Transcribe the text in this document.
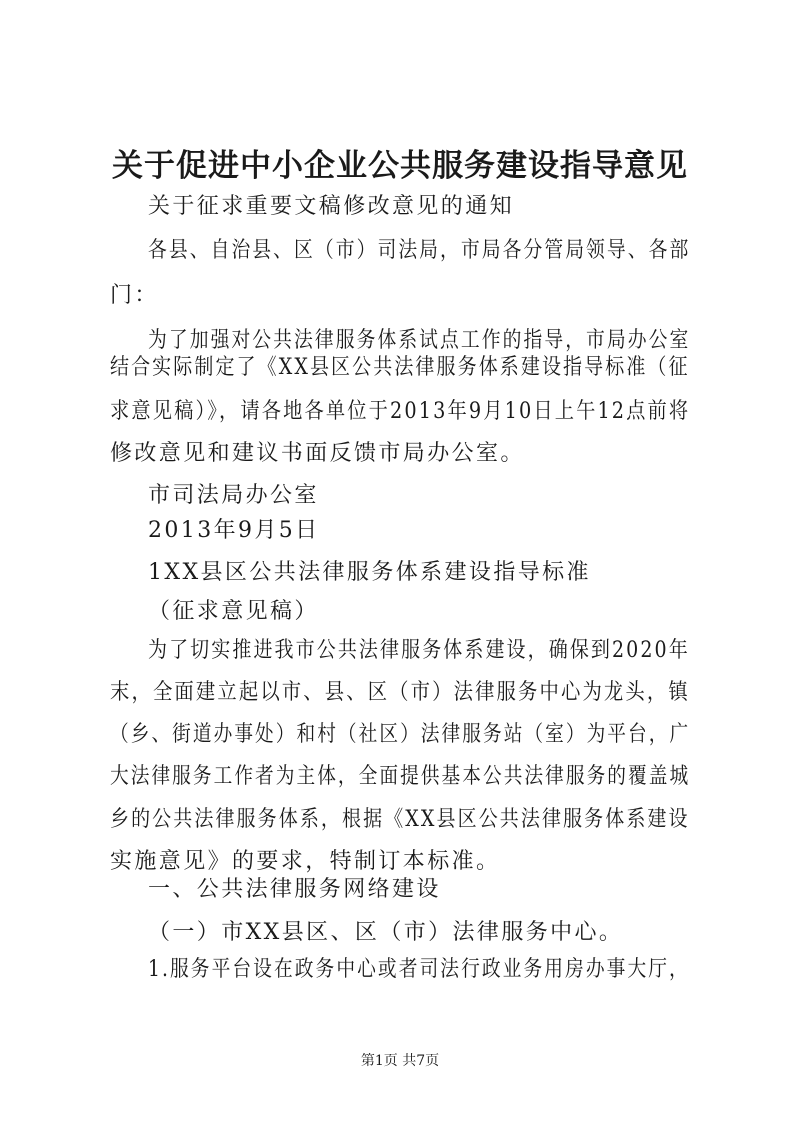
关于促进中小企业公共服务建设指导意见
关于征求重要文稿修改意见的通知
各县、自治县、区（市）司法局，市局各分管局领导、各部
门：
为了加强对公共法律服务体系试点工作的指导，市局办公室
结合实际制定了《XX县区公共法律服务体系建设指导标准（征
求意见稿）》，请各地各单位于2013年9月10日上午12点前将
修改意见和建议书面反馈市局办公室。
市司法局办公室
2013年9月5日
1XX县区公共法律服务体系建设指导标准
（征求意见稿）
为了切实推进我市公共法律服务体系建设，确保到2020年
末，全面建立起以市、县、区（市）法律服务中心为龙头，镇
（乡、街道办事处）和村（社区）法律服务站（室）为平台，广
大法律服务工作者为主体，全面提供基本公共法律服务的覆盖城
乡的公共法律服务体系，根据《XX县区公共法律服务体系建设
实施意见》的要求，特制订本标准。
一、公共法律服务网络建设
（一）市XX县区、区（市）法律服务中心。
1.服务平台设在政务中心或者司法行政业务用房办事大厅，
第1页 共7页
